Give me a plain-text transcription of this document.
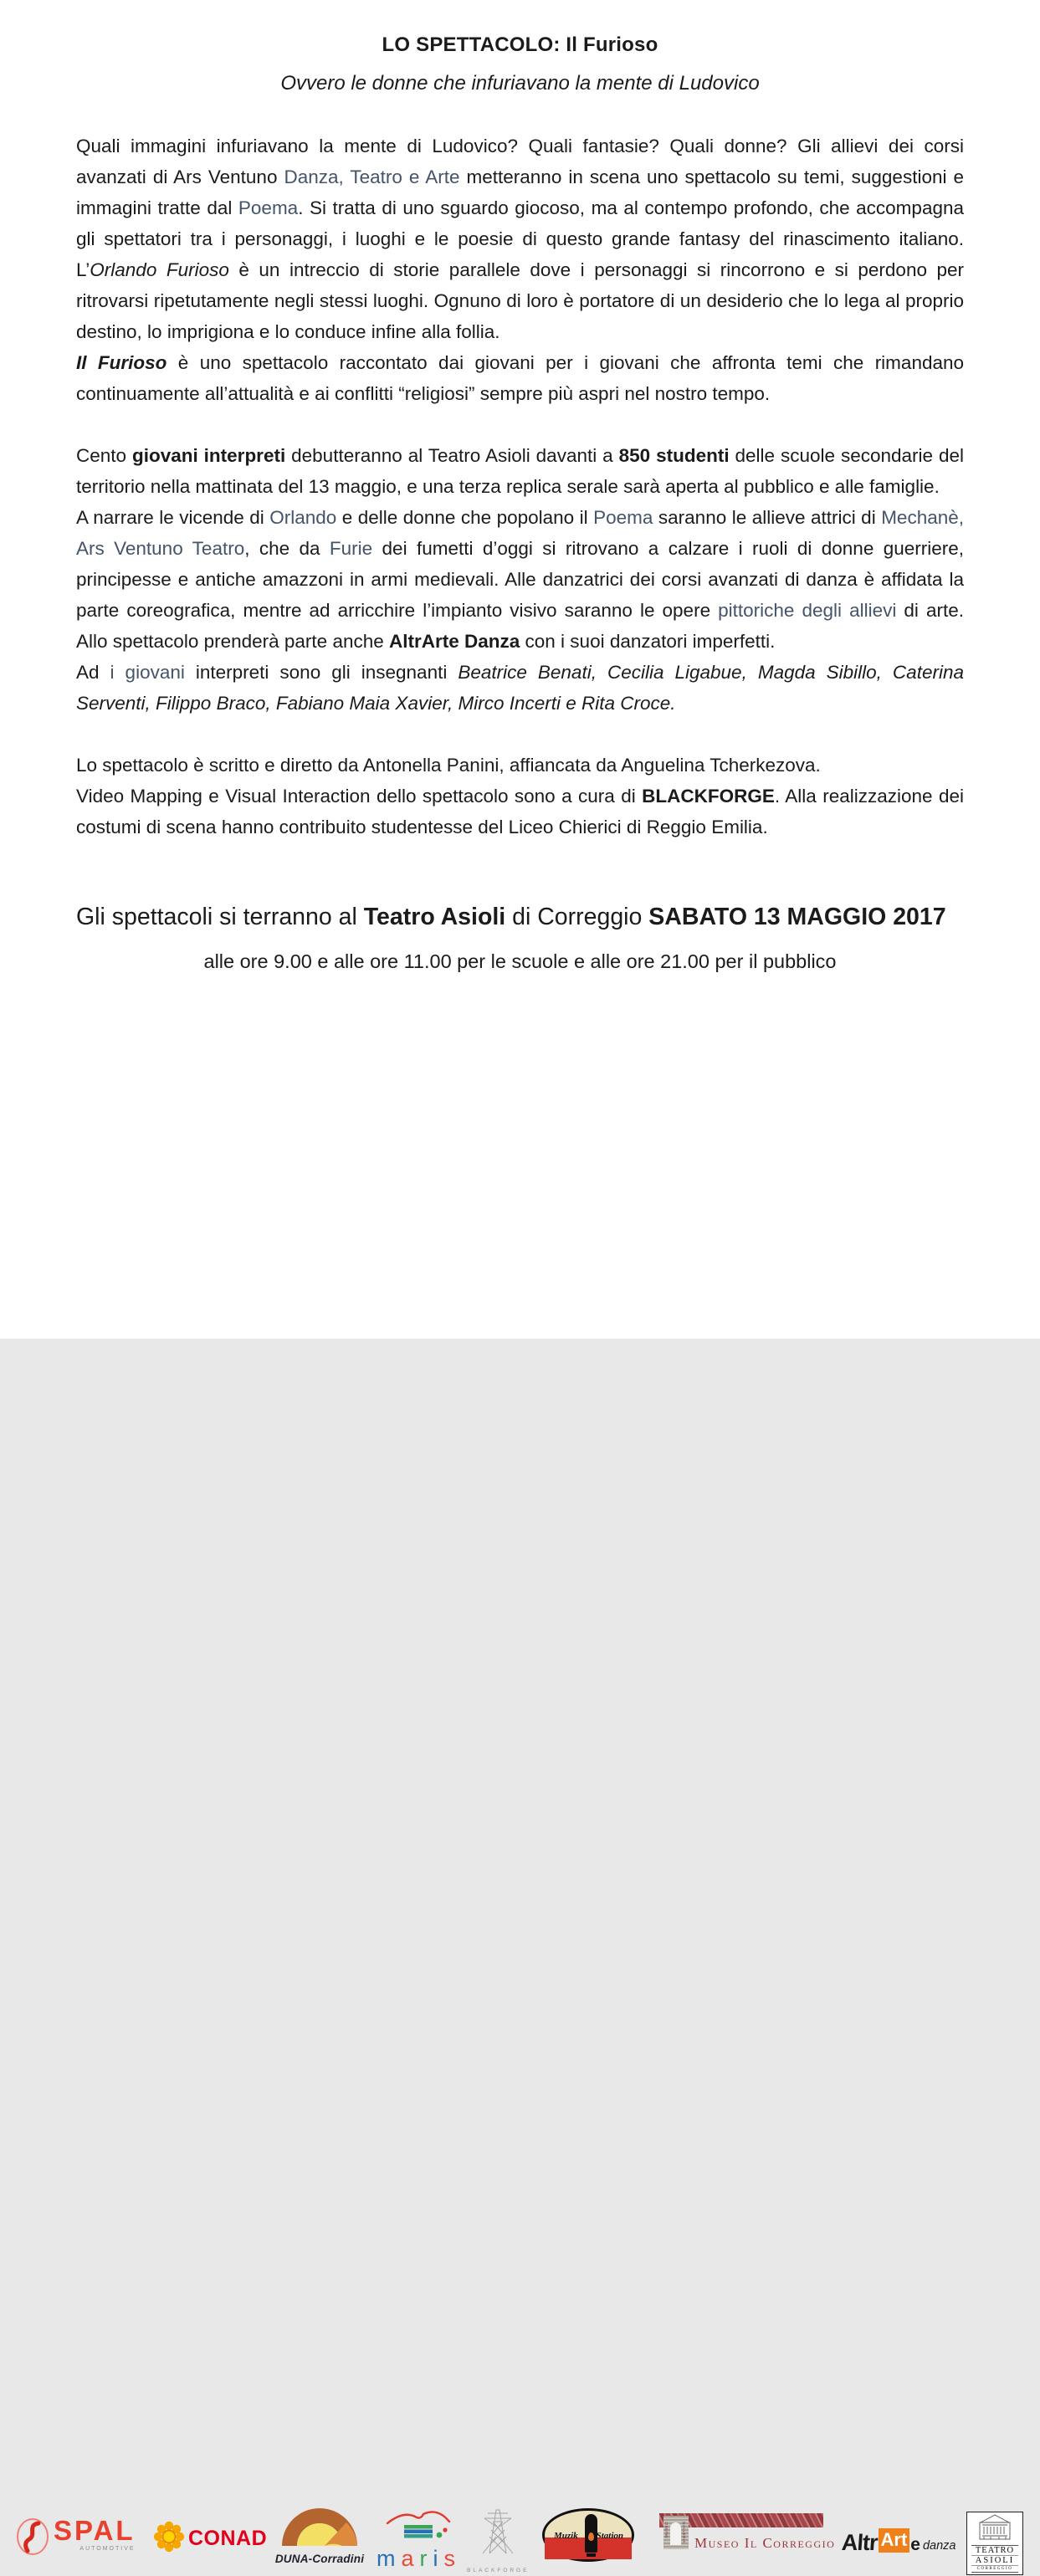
LO SPETTACOLO: Il Furioso
Ovvero le donne che infuriavano la mente di Ludovico

Quali immagini infuriavano la mente di Ludovico? Quali fantasie? Quali donne? Gli allievi dei corsi avanzati di Ars Ventuno Danza, Teatro e Arte metteranno in scena uno spettacolo su temi, suggestioni e immagini tratte dal Poema. Si tratta di uno sguardo giocoso, ma al contempo profondo, che accompagna gli spettatori tra i personaggi, i luoghi e le poesie di questo grande fantasy del rinascimento italiano. L’Orlando Furioso è un intreccio di storie parallele dove i personaggi si rincorrono e si perdono per ritrovarsi ripetutamente negli stessi luoghi. Ognuno di loro è portatore di un desiderio che lo lega al proprio destino, lo imprigiona e lo conduce infine alla follia.

Il Furioso è uno spettacolo raccontato dai giovani per i giovani che affronta temi che rimandano continuamente all’attualità e ai conflitti “religiosi” sempre più aspri nel nostro tempo.

Cento giovani interpreti debutteranno al Teatro Asioli davanti a 850 studenti delle scuole secondarie del territorio nella mattinata del 13 maggio, e una terza replica serale sarà aperta al pubblico e alle famiglie.

A narrare le vicende di Orlando e delle donne che popolano il Poema saranno le allieve attrici di Mechanè, Ars Ventuno Teatro, che da Furie dei fumetti d’oggi si ritrovano a calzare i ruoli di donne guerriere, principesse e antiche amazzoni in armi medievali. Alle danzatrici dei corsi avanzati di danza è affidata la parte coreografica, mentre ad arricchire l’impianto visivo saranno le opere pittoriche degli allievi di arte. Allo spettacolo prenderà parte anche AltrArte Danza con i suoi danzatori imperfetti.

Ad i giovani interpreti sono gli insegnanti Beatrice Benati, Cecilia Ligabue, Magda Sibillo, Caterina Serventi, Filippo Braco, Fabiano Maia Xavier, Mirco Incerti e Rita Croce.

Lo spettacolo è scritto e diretto da Antonella Panini, affiancata da Anguelina Tcherkezova.

Video Mapping e Visual Interaction dello spettacolo sono a cura di BLACKFORGE. Alla realizzazione dei costumi di scena hanno contribuito studentesse del Liceo Chierici di Reggio Emilia.

Gli spettacoli si terranno al Teatro Asioli di Correggio SABATO 13 MAGGIO 2017

alle ore 9.00 e alle ore 11.00 per le scuole e alle ore 21.00 per il pubblico

SPAL
AUTOMOTIVE	CONAD

DUNA-Corradini maris	BLACKFORGE
Muzik Station	MUSEO	GALLERIA Museo Il Correggio Altr Art e danza	TEATRO
ASIOLI
CORREGGIO
